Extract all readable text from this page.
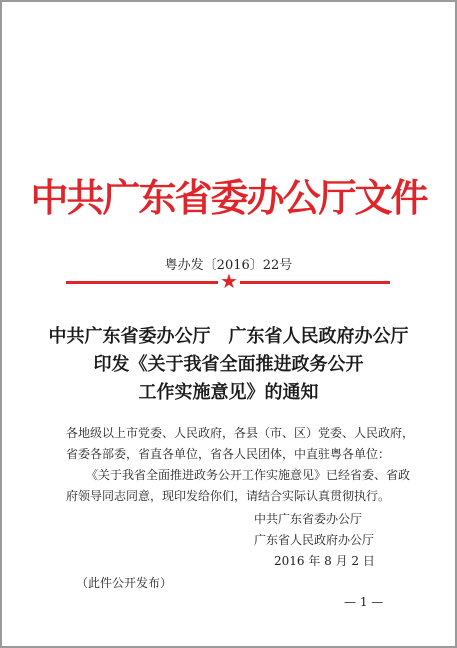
中共广东省委办公厅文件
粤办发〔2016〕22号
★
中共广东省委办公厅　广东省人民政府办公厅
印发《关于我省全面推进政务公开
工作实施意见》的通知
各地级以上市党委、人民政府，各县（市、区）党委、人民政府，
省委各部委，省直各单位，省各人民团体，中直驻粤各单位：
《关于我省全面推进政务公开工作实施意见》已经省委、省政
府领导同志同意，现印发给你们，请结合实际认真贯彻执行。
中共广东省委办公厅
广东省人民政府办公厅
2016 年 8 月 2 日
（此件公开发布）
— 1 —
